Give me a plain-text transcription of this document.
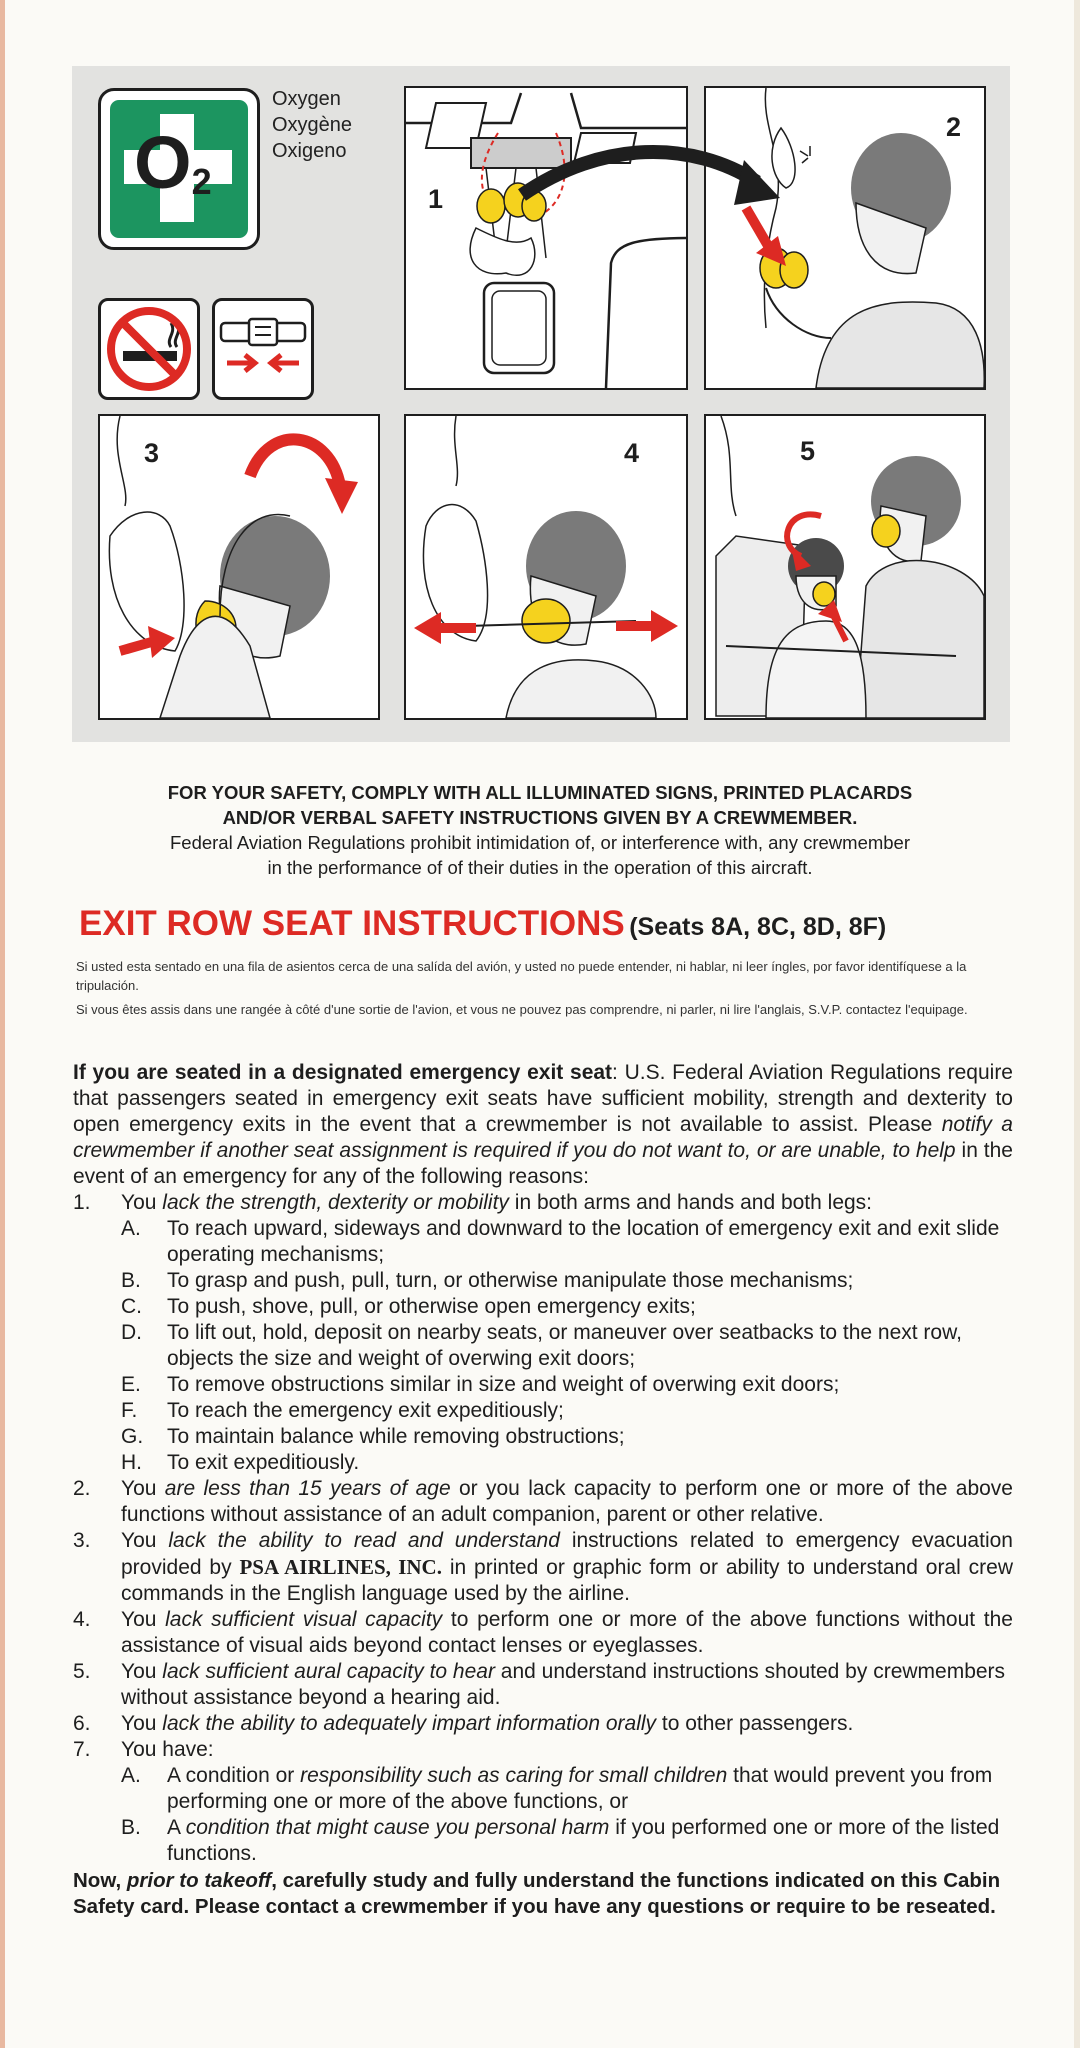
$O_2$
Oxygen
Oxygène
Oxigeno
1
2
3	4	5
FOR YOUR SAFETY, COMPLY WITH ALL ILLUMINATED SIGNS, PRINTED PLACARDS
AND/OR VERBAL SAFETY INSTRUCTIONS GIVEN BY A CREWMEMBER.
Federal Aviation Regulations prohibit intimidation of, or interference with, any crewmember
in the performance of of their duties in the operation of this aircraft.
EXIT ROW SEAT INSTRUCTIONS (Seats 8A, 8C, 8D, 8F)
Si usted esta sentado en una fila de asientos cerca de una salída del avión, y usted no puede entender, ni hablar, ni leer íngles, por favor identifíquese a la tripulación.
Si vous êtes assis dans une rangée à côté d'une sortie de l'avion, et vous ne pouvez pas comprendre, ni parler, ni lire l'anglais, S.V.P. contactez l'equipage.

If you are seated in a designated emergency exit seat: U.S. Federal Aviation Regulations require that passengers seated in emergency exit seats have sufficient mobility, strength and dexterity to open emergency exits in the event that a crewmember is not available to assist. Please notify a crewmember if another seat assignment is required if you do not want to, or are unable, to help in the event of an emergency for any of the following reasons:

1. You lack the strength, dexterity or mobility in both arms and hands and both legs:
A. To reach upward, sideways and downward to the location of emergency exit and exit slide operating mechanisms;
B. To grasp and push, pull, turn, or otherwise manipulate those mechanisms;
C. To push, shove, pull, or otherwise open emergency exits;
D. To lift out, hold, deposit on nearby seats, or maneuver over seatbacks to the next row, objects the size and weight of overwing exit doors;
E. To remove obstructions similar in size and weight of overwing exit doors;
F. To reach the emergency exit expeditiously;
G. To maintain balance while removing obstructions;
H. To exit expeditiously.
2. You are less than 15 years of age or you lack capacity to perform one or more of the above functions without assistance of an adult companion, parent or other relative.
3. You lack the ability to read and understand instructions related to emergency evacuation provided by PSA AIRLINES, INC. in printed or graphic form or ability to understand oral crew commands in the English language used by the airline.
4. You lack sufficient visual capacity to perform one or more of the above functions without the assistance of visual aids beyond contact lenses or eyeglasses.
5. You lack sufficient aural capacity to hear and understand instructions shouted by crewmembers without assistance beyond a hearing aid.
6. You lack the ability to adequately impart information orally to other passengers.
7. You have:
A. A condition or responsibility such as caring for small children that would prevent you from performing one or more of the above functions, or
B. A condition that might cause you personal harm if you performed one or more of the listed functions.
Now, prior to takeoff, carefully study and fully understand the functions indicated on this Cabin Safety card. Please contact a crewmember if you have any questions or require to be reseated.
